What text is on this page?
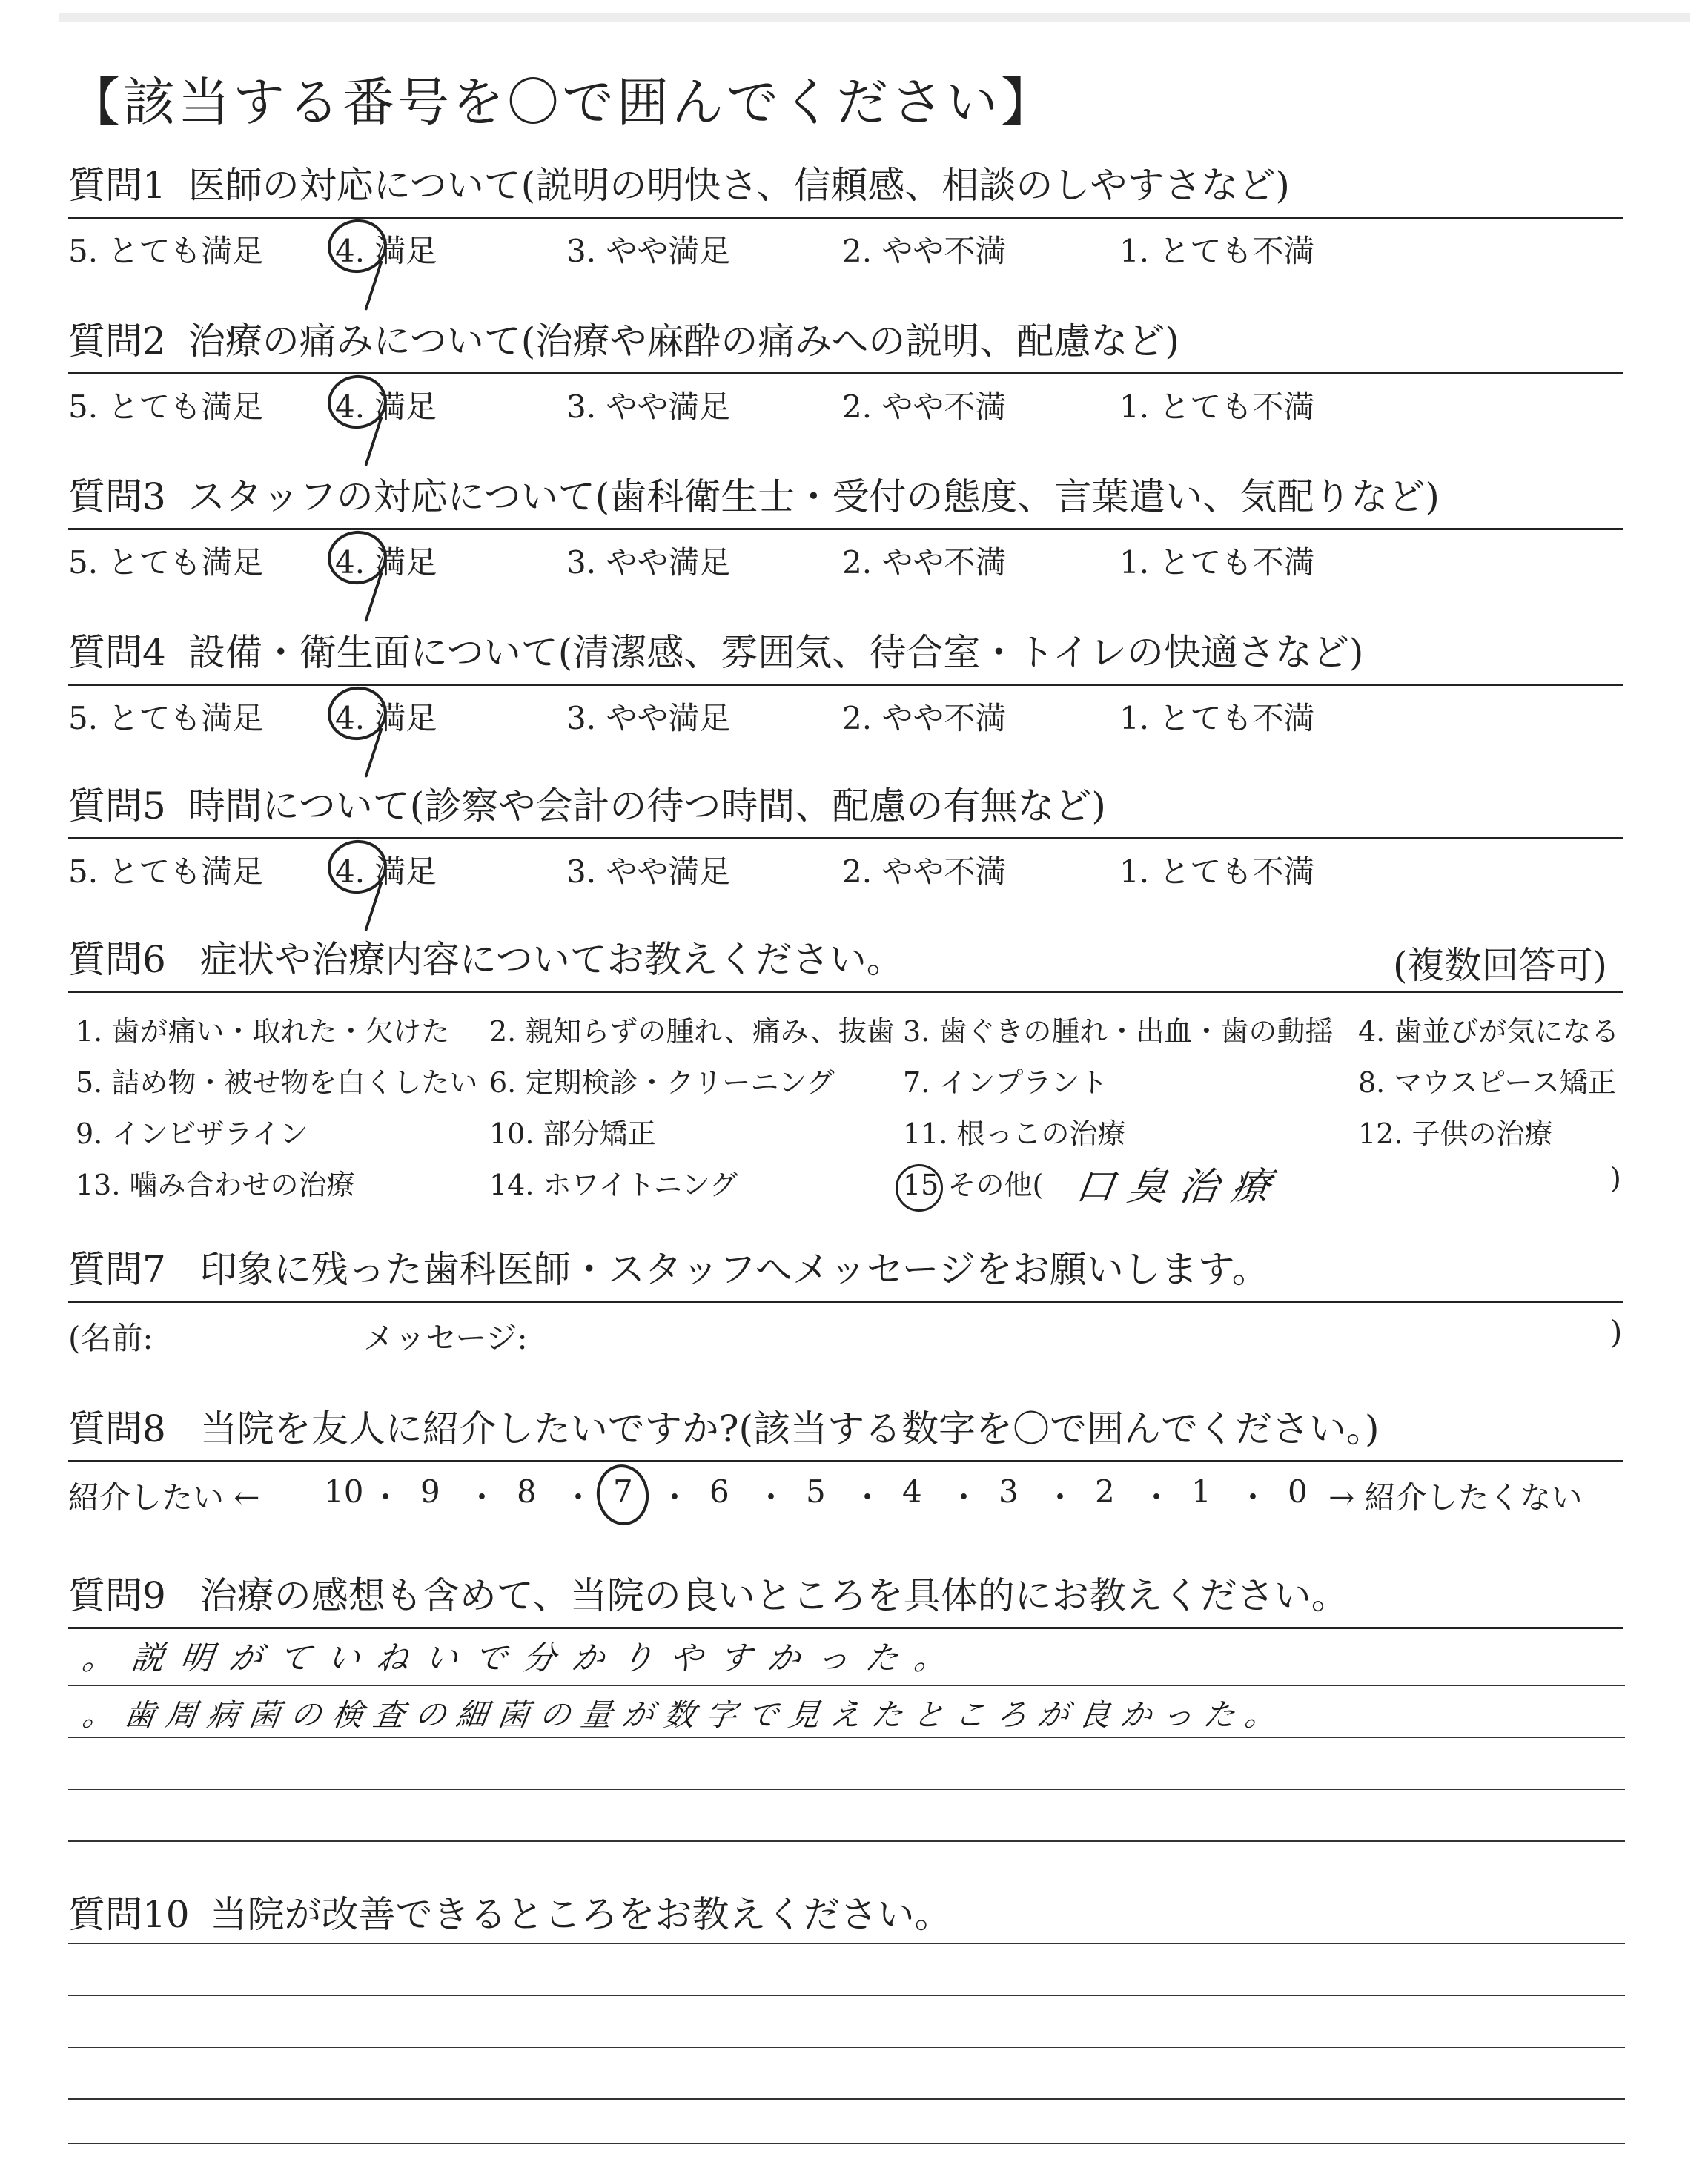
【該当する番号を〇で囲んでください】
質問1 医師の対応について(説明の明快さ、信頼感、相談のしやすさなど)
5. とても満足 4. 満足	3. やや満足	2. やや不満	1. とても不満
質問2 治療の痛みについて(治療や麻酔の痛みへの説明、配慮など)
5. とても満足 4. 満足	3. やや満足	2. やや不満	1. とても不満
質問3 スタッフの対応について(歯科衛生士・受付の態度、言葉遣い、気配りなど)
5. とても満足 4. 満足	3. やや満足	2. やや不満	1. とても不満
質問4 設備・衛生面について(清潔感、雰囲気、待合室・トイレの快適さなど)
5. とても満足 4. 満足	3. やや満足	2. やや不満	1. とても不満
質問5 時間について(診察や会計の待つ時間、配慮の有無など)
5. とても満足 4. 満足	3. やや満足	2. やや不満	1. とても不満
質問6 症状や治療内容についてお教えください。	(複数回答可)
1. 歯が痛い・取れた・欠けた 2. 親知らずの腫れ、痛み、抜歯 3. 歯ぐきの腫れ・出血・歯の動揺 4. 歯並びが気になる
5. 詰め物・被せ物を白くしたい 6. 定期検診・クリーニング 7. インプラント	8. マウスピース矯正
9. インビザライン	10. 部分矯正	11. 根っこの治療	12. 子供の治療
13. 噛み合わせの治療	14. ホワイトニング	15 その他( 口臭治療	)
質問7 印象に残った歯科医師・スタッフへメッセージをお願いします。
(名前:	メッセージ:	)
質問8 当院を友人に紹介したいですか?(該当する数字を〇で囲んでください。)
紹介したい ← 10 ・ 9 ・ 8 ・ 7 ・ 6 ・ 5 ・ 4 ・ 3 ・ 2 ・ 1 ・ 0 → 紹介したくない
質問9 治療の感想も含めて、当院の良いところを具体的にお教えください。
。説明がていねいで分かりやすかった。
。歯周病菌の検査の細菌の量が数字で見えたところが良かった。
質問10 当院が改善できるところをお教えください。
